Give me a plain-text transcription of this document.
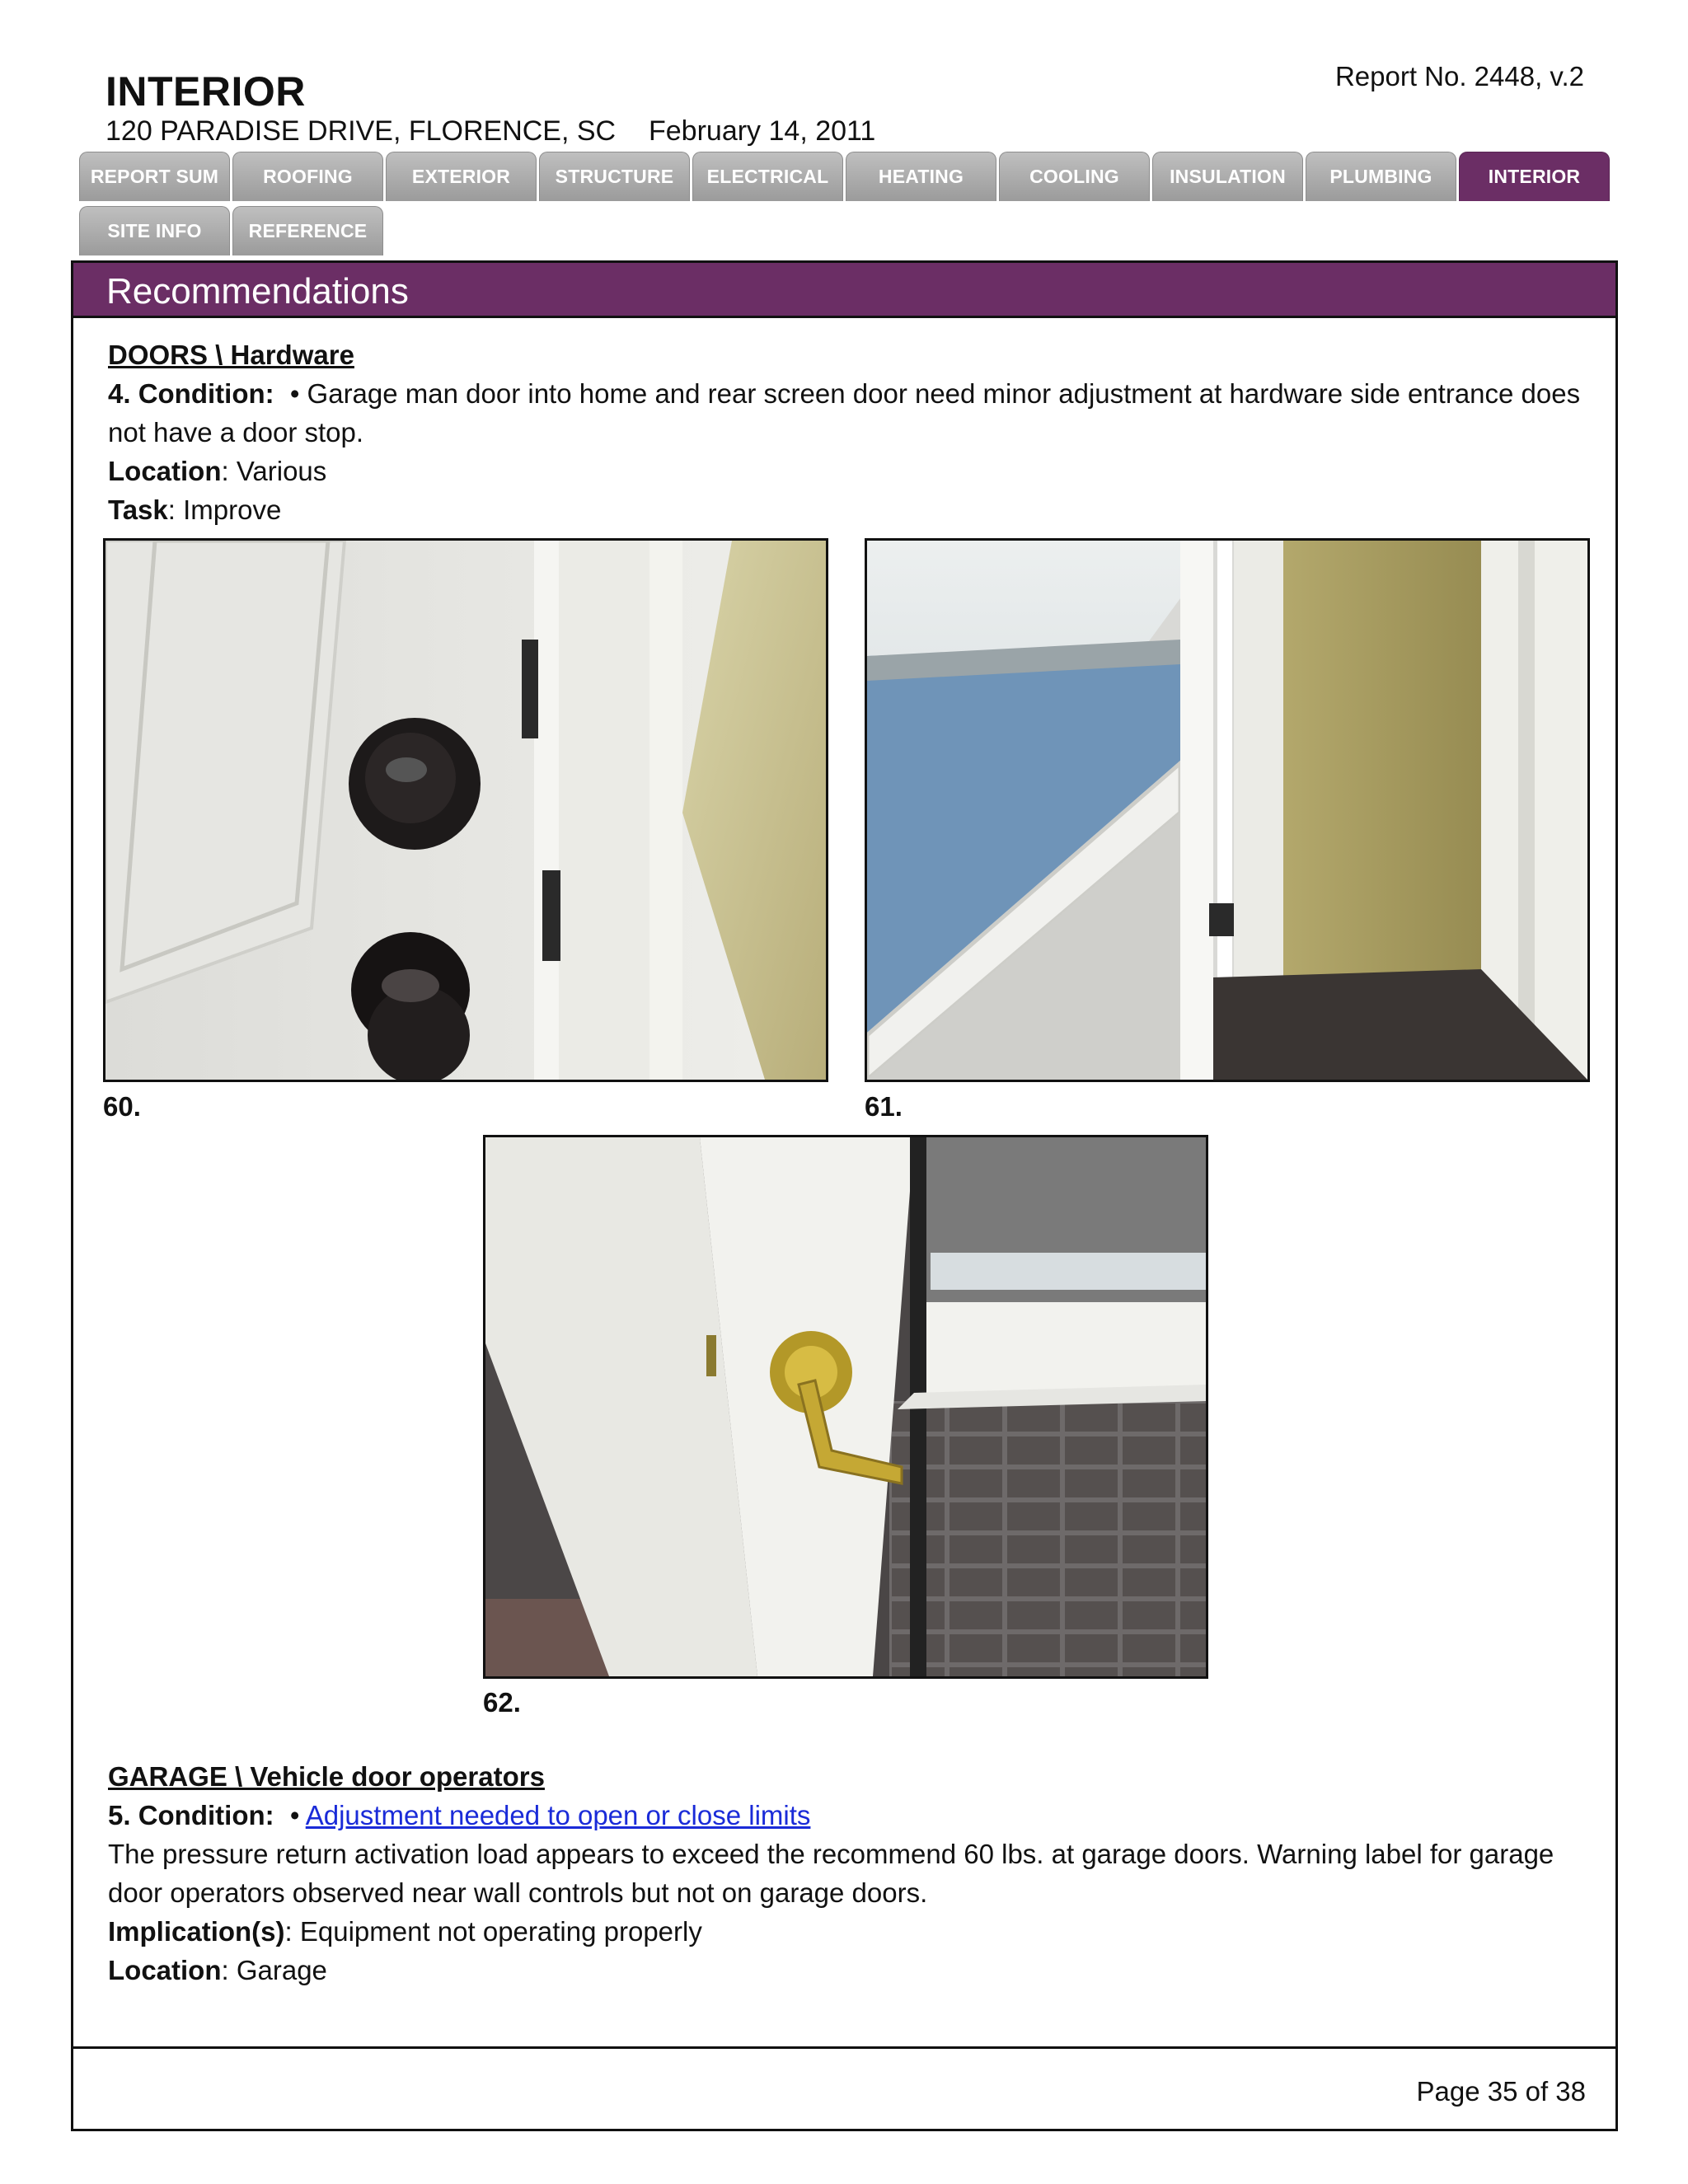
INTERIOR	Report No. 2448, v.2
120 PARADISE DRIVE, FLORENCE, SC February 14, 2011
REPORT SUM	ROOFING	EXTERIOR	STRUCTURE	ELECTRICAL	HEATING	COOLING	INSULATION	PLUMBING	INTERIOR
SITE INFO	REFERENCE
Recommendations
DOORS \ Hardware
4. Condition: • Garage man door into home and rear screen door need minor adjustment at hardware side entrance does not have a door stop.
Location: Various
Task: Improve
60.	61.
62.
GARAGE \ Vehicle door operators
5. Condition: • Adjustment needed to open or close limits
The pressure return activation load appears to exceed the recommend 60 lbs. at garage doors. Warning label for garage door operators observed near wall controls but not on garage doors.
Implication(s): Equipment not operating properly
Location: Garage
Page 35 of 38
